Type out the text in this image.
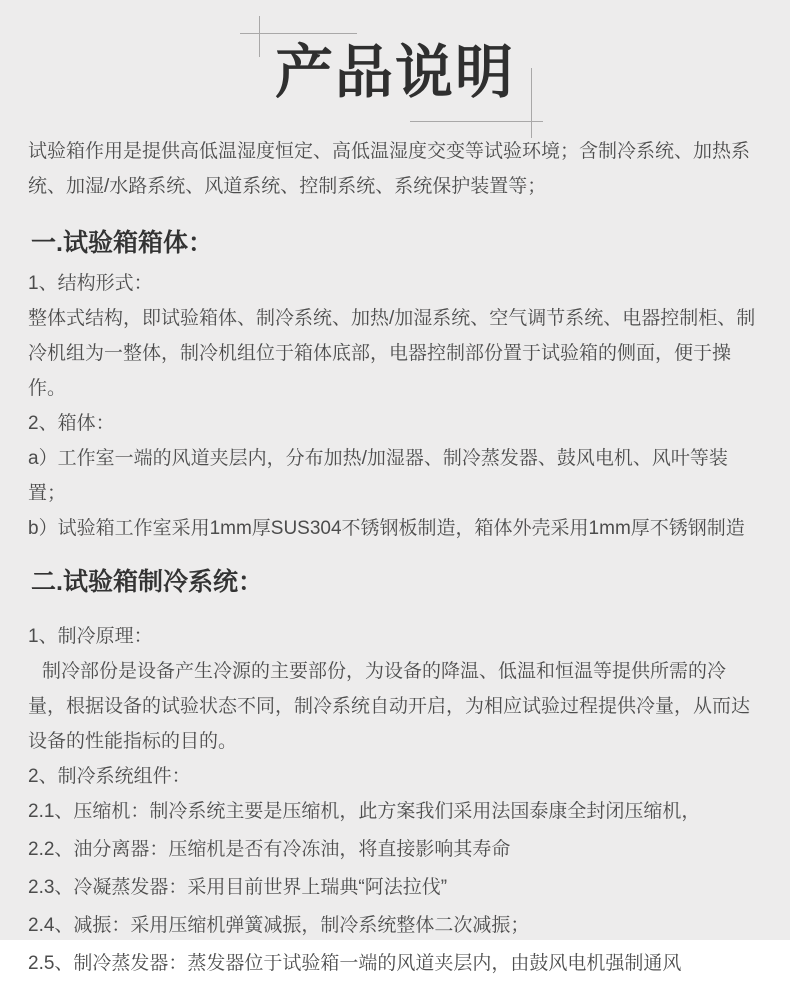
产品说明

试验箱作用是提供高低温湿度恒定、高低温湿度交变等试验环境；含制冷系统、加热系统、加湿/水路系统、风道系统、控制系统、系统保护装置等；

一.试验箱箱体：

1、结构形式：

整体式结构，即试验箱体、制冷系统、加热/加湿系统、空气调节系统、电器控制柜、制冷机组为一整体，制冷机组位于箱体底部，电器控制部份置于试验箱的侧面，便于操作。

2、箱体：

a）工作室一端的风道夹层内，分布加热/加湿器、制冷蒸发器、鼓风电机、风叶等装置；

b）试验箱工作室采用1mm厚SUS304不锈钢板制造，箱体外壳采用1mm厚不锈钢制造

二.试验箱制冷系统：

1、制冷原理：

制冷部份是设备产生冷源的主要部份，为设备的降温、低温和恒温等提供所需的冷量，根据设备的试验状态不同，制冷系统自动开启，为相应试验过程提供冷量，从而达设备的性能指标的目的。

2、制冷系统组件：

2.1、压缩机：制冷系统主要是压缩机，此方案我们采用法国泰康全封闭压缩机，

2.2、油分离器：压缩机是否有冷冻油，将直接影响其寿命

2.3、冷凝蒸发器：采用目前世界上瑞典“阿法拉伐”

2.4、减振：采用压缩机弹簧减振，制冷系统整体二次减振；

2.5、制冷蒸发器：蒸发器位于试验箱一端的风道夹层内，由鼓风电机强制通风
